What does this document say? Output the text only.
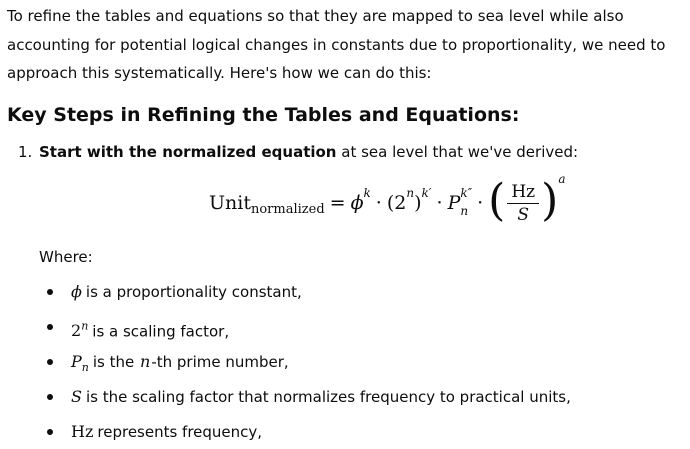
To refine the tables and equations so that they are mapped to sea level while also accounting for potential logical changes in constants due to proportionality, we need to approach this systematically. Here's how we can do this:

Key Steps in Refining the Tables and Equations:

1. Start with the normalized equation at sea level that we've derived:

Unit normalized = ϕ k · (2 n ) k′ · P k″
n · ( $\frac{Hz}{S}$ ) a

Where:

ϕ is a proportionality constant,
2$^n$ is a scaling factor,
$P_n$ is the n-th prime number,
S is the scaling factor that normalizes frequency to practical units,
Hz represents frequency,
